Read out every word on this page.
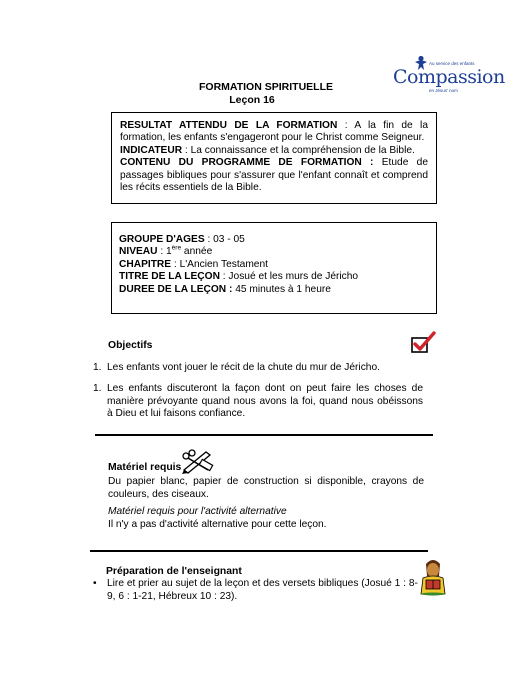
FORMATION SPIRITUELLE
Leçon 16
Au service des enfants
Compassion
en Jésus' nom
RESULTAT ATTENDU DE LA FORMATION : A la fin de la formation, les enfants s'engageront pour le Christ comme Seigneur.
INDICATEUR : La connaissance et la compréhension de la Bible.
CONTENU DU PROGRAMME DE FORMATION : Etude de passages bibliques pour s'assurer que l'enfant connaît et comprend les récits essentiels de la Bible.
GROUPE D'AGES : 03 - 05
NIVEAU : 1ère année
CHAPITRE : L'Ancien Testament
TITRE DE LA LEÇON : Josué et les murs de Jéricho
DUREE DE LA LEÇON : 45 minutes à 1 heure
Objectifs
1. Les enfants vont jouer le récit de la chute du mur de Jéricho.
1. Les enfants discuteront la façon dont on peut faire les choses de manière prévoyante quand nous avons la foi, quand nous obéissons à Dieu et lui faisons confiance.
Matériel requis
Du papier blanc, papier de construction si disponible, crayons de couleurs, des ciseaux.
Matériel requis pour l'activité alternative
Il n'y a pas d'activité alternative pour cette leçon.
Préparation de l'enseignant
• Lire et prier au sujet de la leçon et des versets bibliques (Josué 1 : 8-9, 6 : 1-21, Hébreux 10 : 23).
